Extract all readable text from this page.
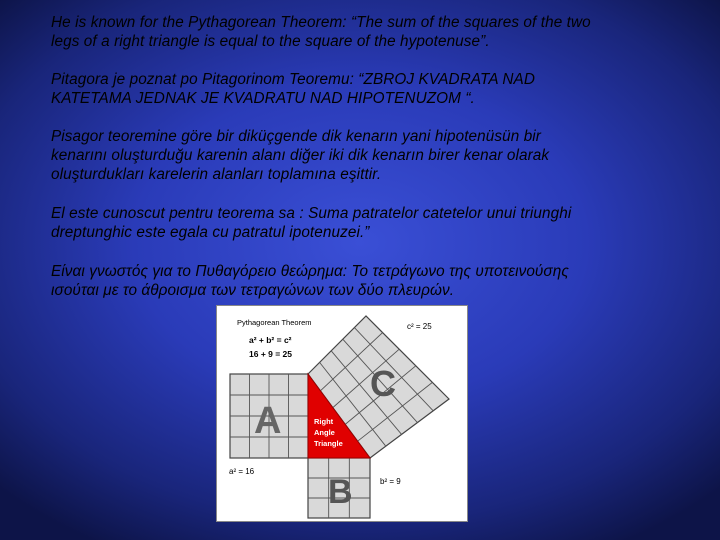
He is known for the Pythagorean Theorem: “The sum of the squares of the two
legs of a right triangle is equal to the square of the hypotenuse”.

Pitagora je poznat po Pitagorinom Teoremu: “ZBROJ KVADRATA NAD
KATETAMA JEDNAK JE KVADRATU NAD HIPOTENUZOM “.

Pisagor teoremine göre bir diküçgende dik kenarın yani hipotenüsün bir
kenarını oluşturduğu karenin alanı diğer iki dik kenarın birer kenar olarak
oluşturdukları karelerin alanları toplamına eşittir.

El este cunoscut pentru teorema sa : Suma patratelor catetelor unui triunghi
dreptunghic este egala cu patratul ipotenuzei.”

Είναι γνωστός για το Πυθαγόρειο θεώρημα: Το τετράγωνο της υποτεινούσης
ισούται με το άθροισμα των τετραγώνων των δύο πλευρών.

Pythagorean Theorem
a² + b² = c²
16 + 9 = 25
c² = 25
a² = 16
b² = 9
A
B
C
Right
Angle
Triangle
